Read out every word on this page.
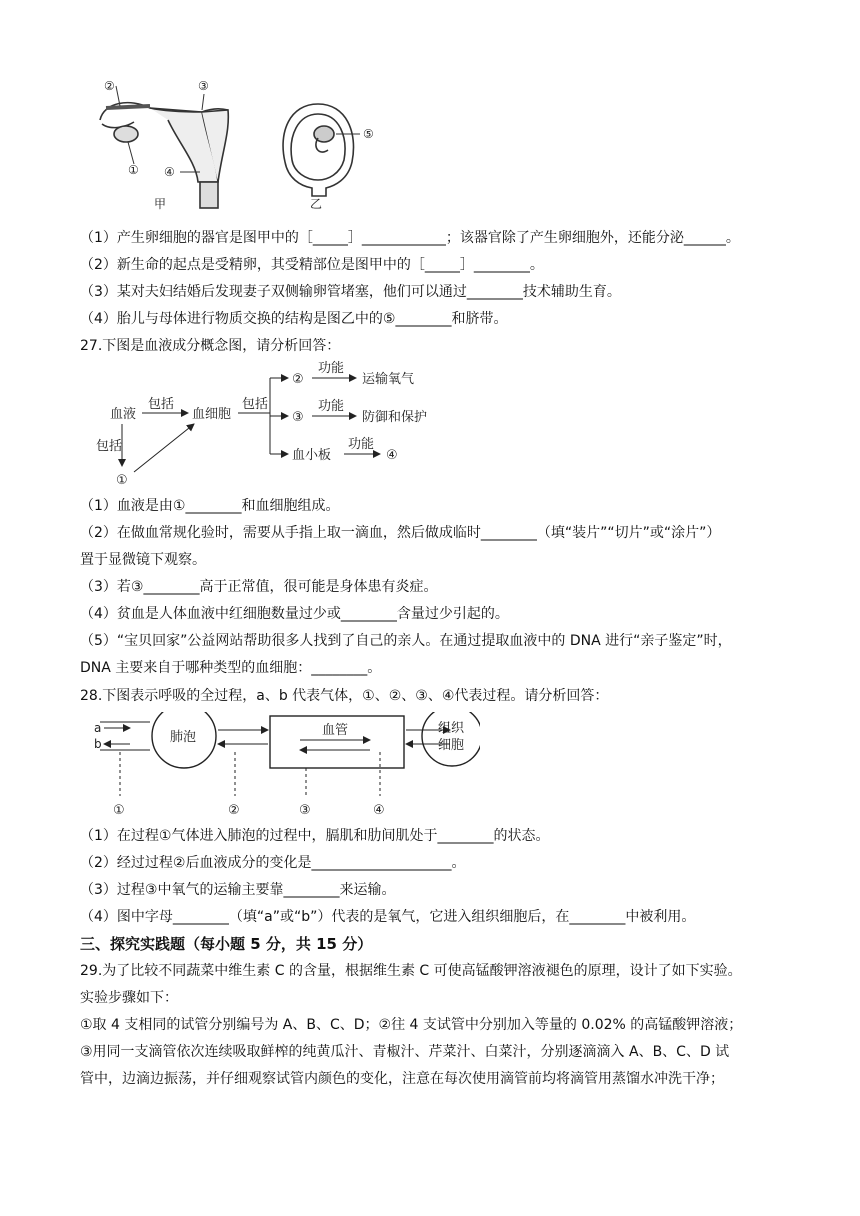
②	③
① ④
甲
⑤
乙
（1）产生卵细胞的器官是图甲中的［_____］____________；该器官除了产生卵细胞外，还能分泌______。
（2）新生命的起点是受精卵，其受精部位是图甲中的［_____］________。
（3）某对夫妇结婚后发现妻子双侧输卵管堵塞，他们可以通过________技术辅助生育。
（4）胎儿与母体进行物质交换的结构是图乙中的⑤________和脐带。
27.下图是血液成分概念图，请分析回答：
血液
包括
血细胞
包括
②
③
血小板
功能
运输氧气
功能
防御和保护
功能
④
包括
①
（1）血液是由①________和血细胞组成。
（2）在做血常规化验时，需要从手指上取一滴血，然后做成临时________（填“装片”“切片”或“涂片”）
置于显微镜下观察。
（3）若③________高于正常值，很可能是身体患有炎症。
（4）贫血是人体血液中红细胞数量过少或________含量过少引起的。
（5）“宝贝回家”公益网站帮助很多人找到了自己的亲人。在通过提取血液中的 DNA 进行“亲子鉴定”时，
DNA 主要来自于哪种类型的血细胞：________。
28.下图表示呼吸的全过程，a、b 代表气体，①、②、③、④代表过程。请分析回答：
a
b	肺泡	血管	组织
细胞
①	②	③	④
（1）在过程①气体进入肺泡的过程中，膈肌和肋间肌处于________的状态。
（2）经过过程②后血液成分的变化是____________________。
（3）过程③中氧气的运输主要靠________来运输。
（4）图中字母________（填“a”或“b”）代表的是氧气，它进入组织细胞后，在________中被利用。
三、探究实践题（每小题 5 分，共 15 分）
29.为了比较不同蔬菜中维生素 C 的含量，根据维生素 C 可使高锰酸钾溶液褪色的原理，设计了如下实验。
实验步骤如下：
①取 4 支相同的试管分别编号为 A、B、C、D；②往 4 支试管中分别加入等量的 0.02% 的高锰酸钾溶液；
③用同一支滴管依次连续吸取鲜榨的纯黄瓜汁、青椒汁、芹菜汁、白菜汁，分别逐滴滴入 A、B、C、D 试
管中，边滴边振荡，并仔细观察试管内颜色的变化，注意在每次使用滴管前均将滴管用蒸馏水冲洗干净；
